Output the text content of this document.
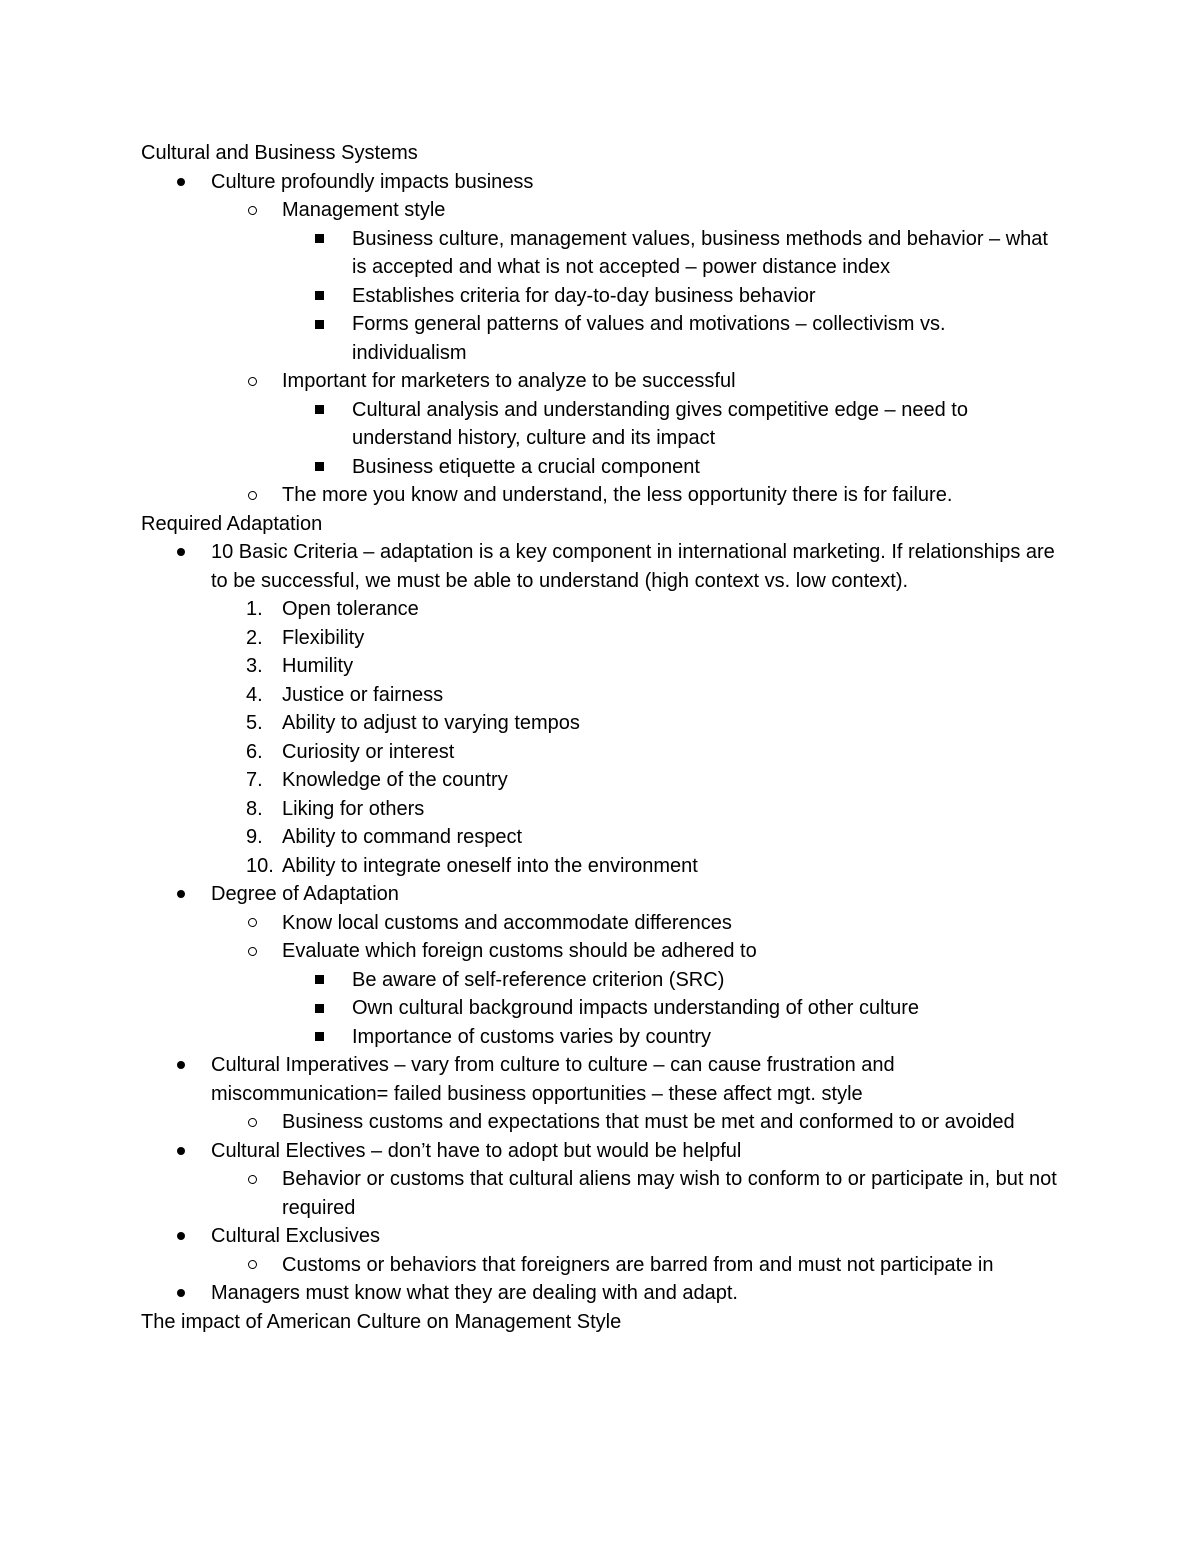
Cultural and Business Systems

Culture profoundly impacts business
Management style
Business culture, management values, business methods and behavior – what is accepted and what is not accepted – power distance index
Establishes criteria for day-to-day business behavior
Forms general patterns of values and motivations – collectivism vs. individualism
Important for marketers to analyze to be successful
Cultural analysis and understanding gives competitive edge – need to understand history, culture and its impact
Business etiquette a crucial component
The more you know and understand, the less opportunity there is for failure.

Required Adaptation

10 Basic Criteria – adaptation is a key component in international marketing. If relationships are to be successful, we must be able to understand (high context vs. low context).
1. Open tolerance
2. Flexibility
3. Humility
4. Justice or fairness
5. Ability to adjust to varying tempos
6. Curiosity or interest
7. Knowledge of the country
8. Liking for others
9. Ability to command respect
10. Ability to integrate oneself into the environment
Degree of Adaptation
Know local customs and accommodate differences
Evaluate which foreign customs should be adhered to
Be aware of self-reference criterion (SRC)
Own cultural background impacts understanding of other culture
Importance of customs varies by country
Cultural Imperatives – vary from culture to culture – can cause frustration and miscommunication= failed business opportunities – these affect mgt. style
Business customs and expectations that must be met and conformed to or avoided
Cultural Electives – don’t have to adopt but would be helpful
Behavior or customs that cultural aliens may wish to conform to or participate in, but not required
Cultural Exclusives
Customs or behaviors that foreigners are barred from and must not participate in
Managers must know what they are dealing with and adapt.

The impact of American Culture on Management Style
